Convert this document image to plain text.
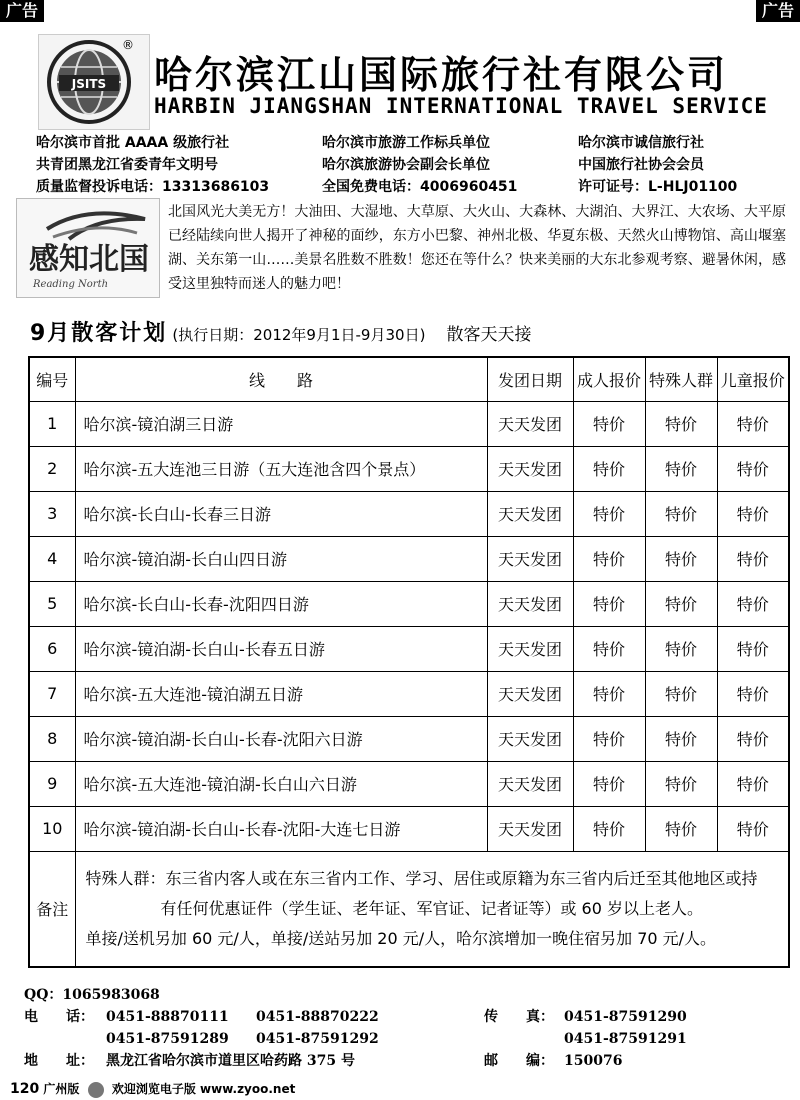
广告	广告
JSITS
®
哈尔滨江山国际旅行社有限公司
HARBIN JIANGSHAN INTERNATIONAL TRAVEL SERVICE
哈尔滨市首批 AAAA 级旅行社	哈尔滨市旅游工作标兵单位	哈尔滨市诚信旅行社
共青团黑龙江省委青年文明号	哈尔滨旅游协会副会长单位	中国旅行社协会会员
质量监督投诉电话：13313686103	全国免费电话：4006960451	许可证号：L-HLJ01100
感知北国
Reading North
北国风光大美无方！大油田、大湿地、大草原、大火山、大森林、大湖泊、大界江、大农场、大平原已经陆续向世人揭开了神秘的面纱，东方小巴黎、神州北极、华夏东极、天然火山博物馆、高山堰塞湖、关东第一山……美景名胜数不胜数！您还在等什么？快来美丽的大东北参观考察、避暑休闲，感受这里独特而迷人的魅力吧！
9月散客计划 (执行日期：2012年9月1日-9月30日) 散客天天接
编号	线　　路	发团日期	成人报价	特殊人群	儿童报价
1	哈尔滨-镜泊湖三日游	天天发团	特价	特价	特价
2	哈尔滨-五大连池三日游（五大连池含四个景点）	天天发团	特价	特价	特价
3	哈尔滨-长白山-长春三日游	天天发团	特价	特价	特价
4	哈尔滨-镜泊湖-长白山四日游	天天发团	特价	特价	特价
5	哈尔滨-长白山-长春-沈阳四日游	天天发团	特价	特价	特价
6	哈尔滨-镜泊湖-长白山-长春五日游	天天发团	特价	特价	特价
7	哈尔滨-五大连池-镜泊湖五日游	天天发团	特价	特价	特价
8	哈尔滨-镜泊湖-长白山-长春-沈阳六日游	天天发团	特价	特价	特价
9	哈尔滨-五大连池-镜泊湖-长白山六日游	天天发团	特价	特价	特价
10	哈尔滨-镜泊湖-长白山-长春-沈阳-大连七日游	天天发团	特价	特价	特价
备注	特殊人群：东三省内客人或在东三省内工作、学习、居住或原籍为东三省内后迁至其他地区或持

有任何优惠证件（学生证、老年证、军官证、记者证等）或 60 岁以上老人。

单接/送机另加 60 元/人，单接/送站另加 20 元/人，哈尔滨增加一晚住宿另加 70 元/人。				

QQ：1065983068
电　　话： 0451-88870111 0451-88870222	传　　真： 0451-87591290
0451-87591289 0451-87591292	0451-87591291
地　　址： 黑龙江省哈尔滨市道里区哈药路 375 号	邮　　编： 150076
120 广州版	欢迎浏览电子版 www.zyoo.net
